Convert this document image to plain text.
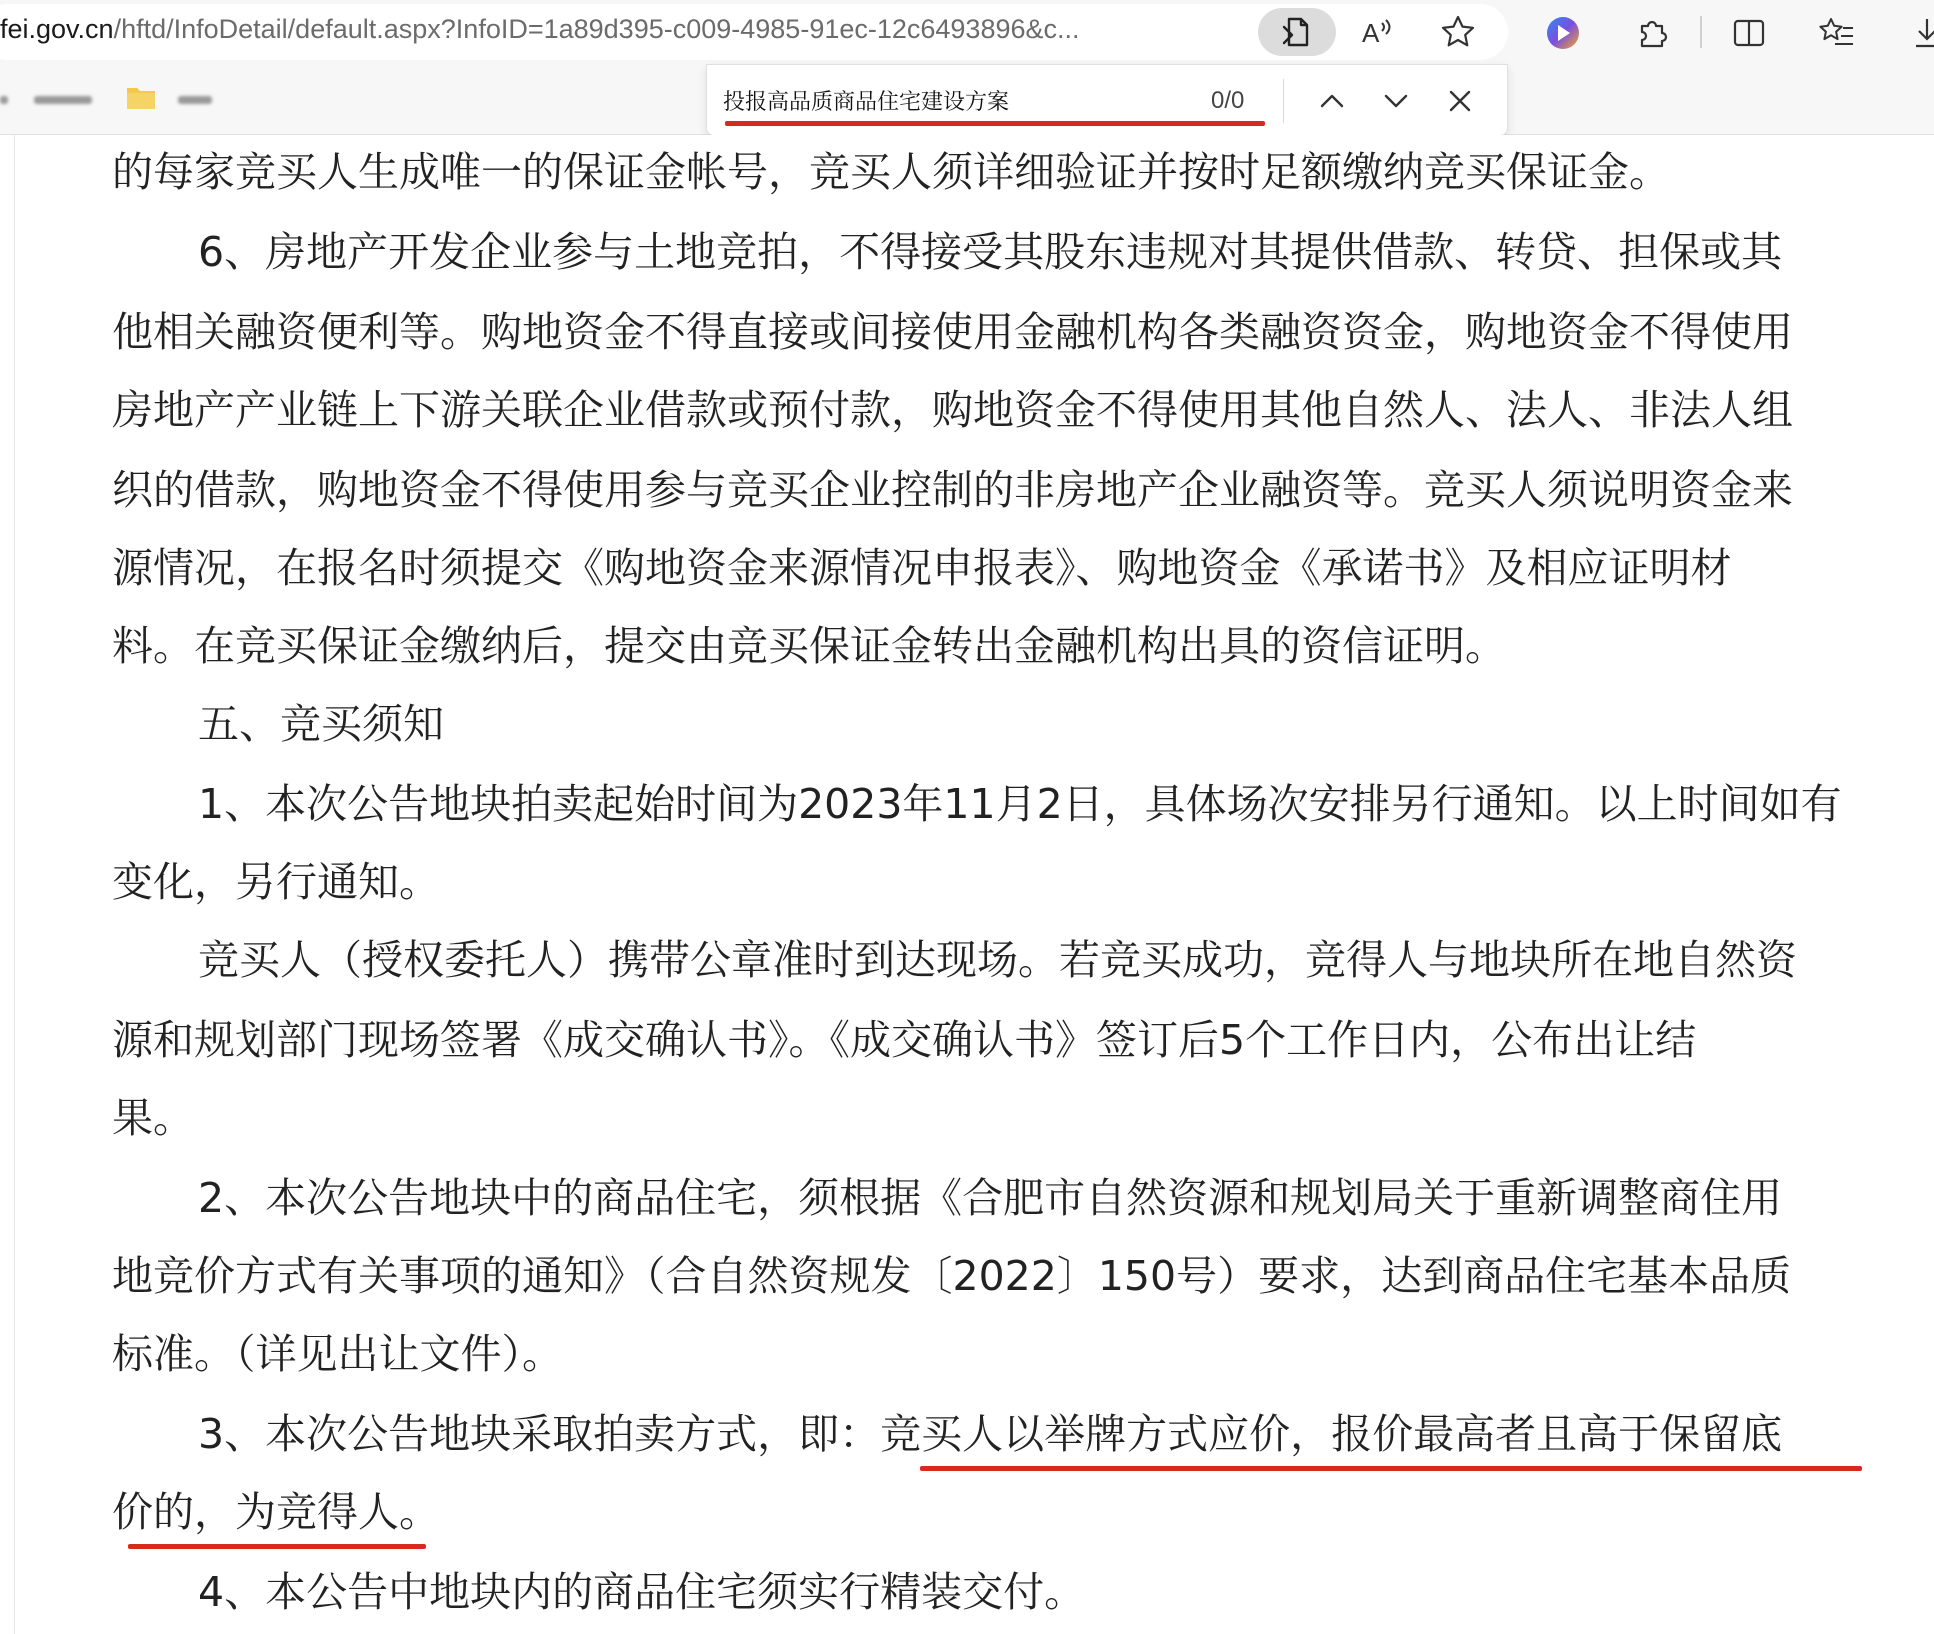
fei.gov.cn/hftd/InfoDetail/default.aspx?InfoID=1a89d395-c009-4985-91ec-12c6493896&c...	A
投报高品质商品住宅建设方案
0/0
的每家竞买人生成唯一的保证金帐号，竞买人须详细验证并按时足额缴纳竞买保证金。
6、房地产开发企业参与土地竞拍，不得接受其股东违规对其提供借款、转贷、担保或其
他相关融资便利等。购地资金不得直接或间接使用金融机构各类融资资金，购地资金不得使用
房地产产业链上下游关联企业借款或预付款，购地资金不得使用其他自然人、法人、非法人组
织的借款，购地资金不得使用参与竞买企业控制的非房地产企业融资等。竞买人须说明资金来
源情况，在报名时须提交《购地资金来源情况申报表》、购地资金《承诺书》及相应证明材
料。在竞买保证金缴纳后，提交由竞买保证金转出金融机构出具的资信证明。
五、竞买须知
1、本次公告地块拍卖起始时间为2023年11月2日，具体场次安排另行通知。以上时间如有
变化，另行通知。
竞买人（授权委托人）携带公章准时到达现场。若竞买成功，竞得人与地块所在地自然资
源和规划部门现场签署《成交确认书》。《成交确认书》签订后5个工作日内，公布出让结
果。
2、本次公告地块中的商品住宅，须根据《合肥市自然资源和规划局关于重新调整商住用
地竞价方式有关事项的通知》（合自然资规发〔2022〕150号）要求，达到商品住宅基本品质
标准。（详见出让文件）。
3、本次公告地块采取拍卖方式，即：竞买人以举牌方式应价，报价最高者且高于保留底
价的，为竞得人。
4、本公告中地块内的商品住宅须实行精装交付。
